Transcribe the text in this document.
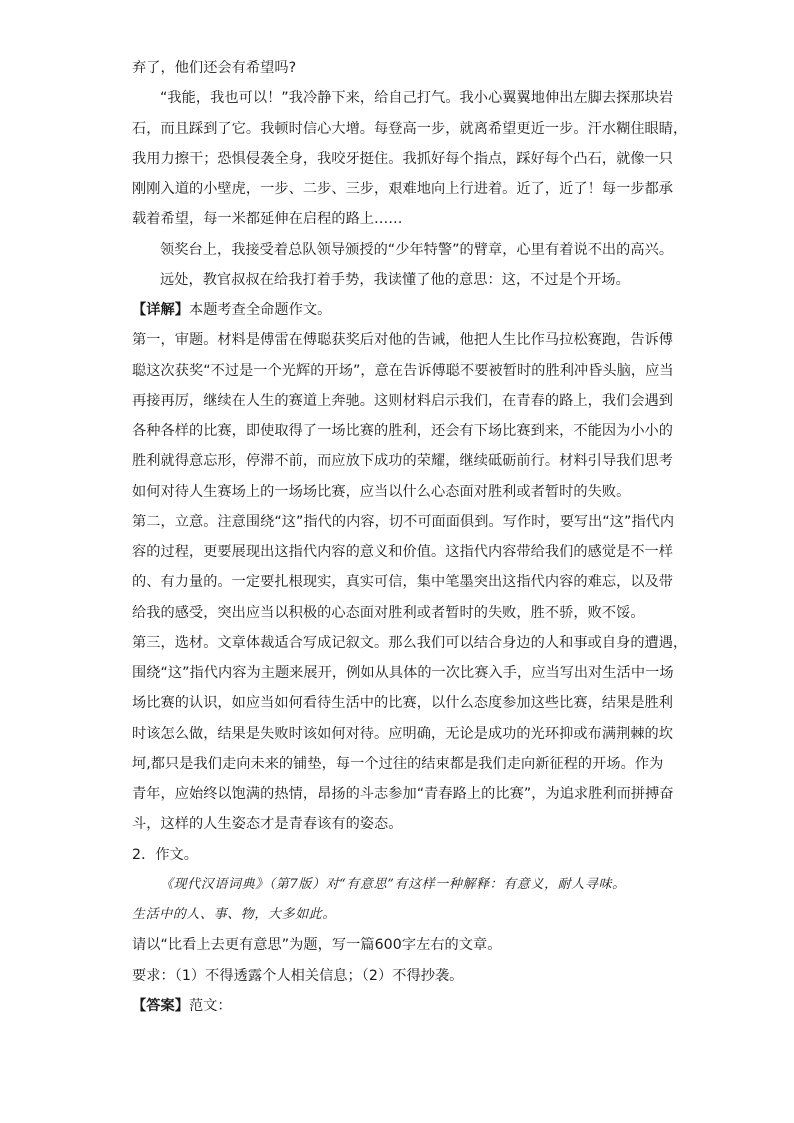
弃了，他们还会有希望吗?
“我能，我也可以！”我冷静下来，给自己打气。我小心翼翼地伸出左脚去探那块岩
石，而且踩到了它。我顿时信心大增。每登高一步，就离希望更近一步。汗水糊住眼睛，
我用力擦干；恐惧侵袭全身，我咬牙挺住。我抓好每个指点，踩好每个凸石，就像一只
刚刚入道的小壁虎，一步、二步、三步，艰难地向上行进着。近了，近了！每一步都承
载着希望，每一米都延伸在启程的路上……
领奖台上，我接受着总队领导颁授的“少年特警”的臂章，心里有着说不出的高兴。
远处，教官叔叔在给我打着手势，我读懂了他的意思：这，不过是个开场。
【详解】本题考查全命题作文。
第一，审题。材料是傅雷在傅聪获奖后对他的告诫，他把人生比作马拉松赛跑，告诉傅
聪这次获奖“不过是一个光辉的开场”，意在告诉傅聪不要被暂时的胜利冲昏头脑，应当
再接再厉，继续在人生的赛道上奔驰。这则材料启示我们，在青春的路上，我们会遇到
各种各样的比赛，即使取得了一场比赛的胜利，还会有下场比赛到来，不能因为小小的
胜利就得意忘形，停滞不前，而应放下成功的荣耀，继续砥砺前行。材料引导我们思考
如何对待人生赛场上的一场场比赛，应当以什么心态面对胜利或者暂时的失败。
第二，立意。注意围绕“这”指代的内容，切不可面面俱到。写作时，要写出“这”指代内
容的过程，更要展现出这指代内容的意义和价值。这指代内容带给我们的感觉是不一样
的、有力量的。一定要扎根现实，真实可信，集中笔墨突出这指代内容的难忘，以及带
给我的感受，突出应当以积极的心态面对胜利或者暂时的失败，胜不骄，败不馁。
第三，选材。文章体裁适合写成记叙文。那么我们可以结合身边的人和事或自身的遭遇，
围绕“这”指代内容为主题来展开，例如从具体的一次比赛入手，应当写出对生活中一场
场比赛的认识，如应当如何看待生活中的比赛，以什么态度参加这些比赛，结果是胜利
时该怎么做，结果是失败时该如何对待。应明确，无论是成功的光环抑或布满荆棘的坎
坷,都只是我们走向未来的铺垫，每一个过往的结束都是我们走向新征程的开场。作为
青年，应始终以饱满的热情，昂扬的斗志参加“青春路上的比赛”，为追求胜利而拼搏奋
斗，这样的人生姿态才是青春该有的姿态。
2．作文。
《现代汉语词典》（第7版）对“有意思”有这样一种解释：有意义，耐人寻味。
生活中的人、事、物，大多如此。
请以“比看上去更有意思”为题，写一篇600字左右的文章。
要求：（1）不得透露个人相关信息；（2）不得抄袭。
【答案】范文：
